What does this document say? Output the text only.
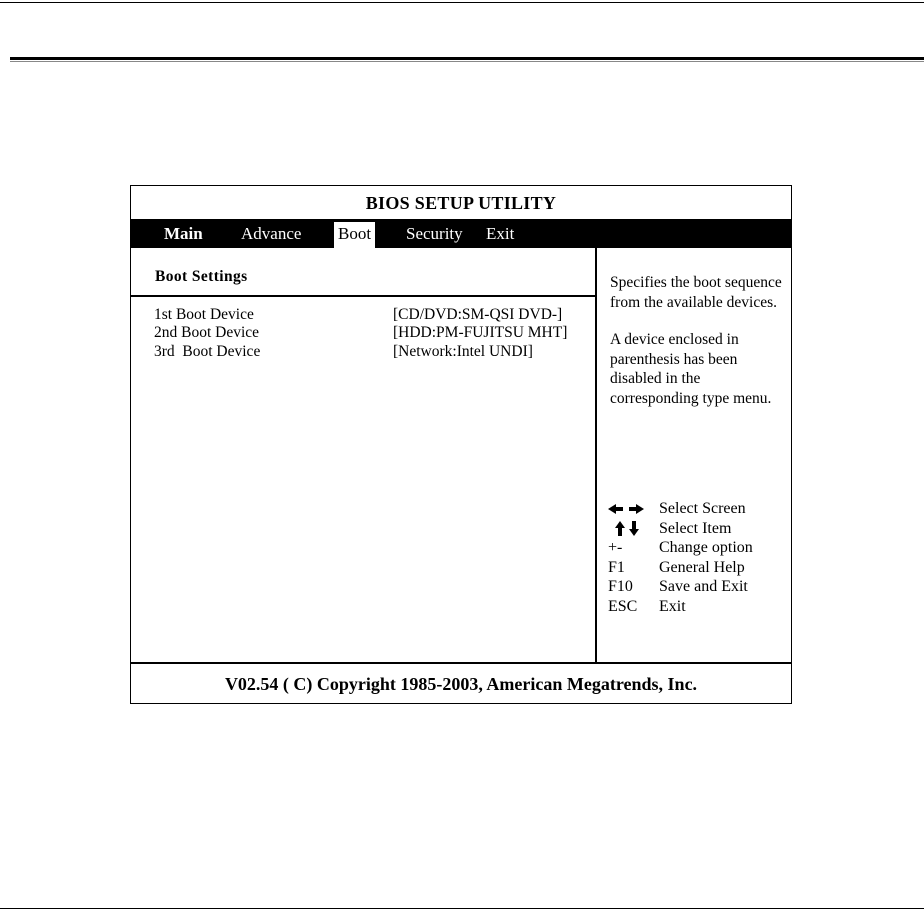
BIOS SETUP UTILITY
Main Advance Boot Security Exit
Boot Settings
1st Boot Device	[CD/DVD:SM-QSI DVD-]
2nd Boot Device	[HDD:PM-FUJITSU MHT]
3rd  Boot Device	[Network:Intel UNDI]

Specifies the boot sequence from the available devices.

A device enclosed in parenthesis has been disabled in the corresponding type menu.

Select Screen
Select Item
+- Change option
F1 General Help
F10 Save and Exit
ESC Exit
V02.54 ( C) Copyright 1985-2003, American Megatrends, Inc.
